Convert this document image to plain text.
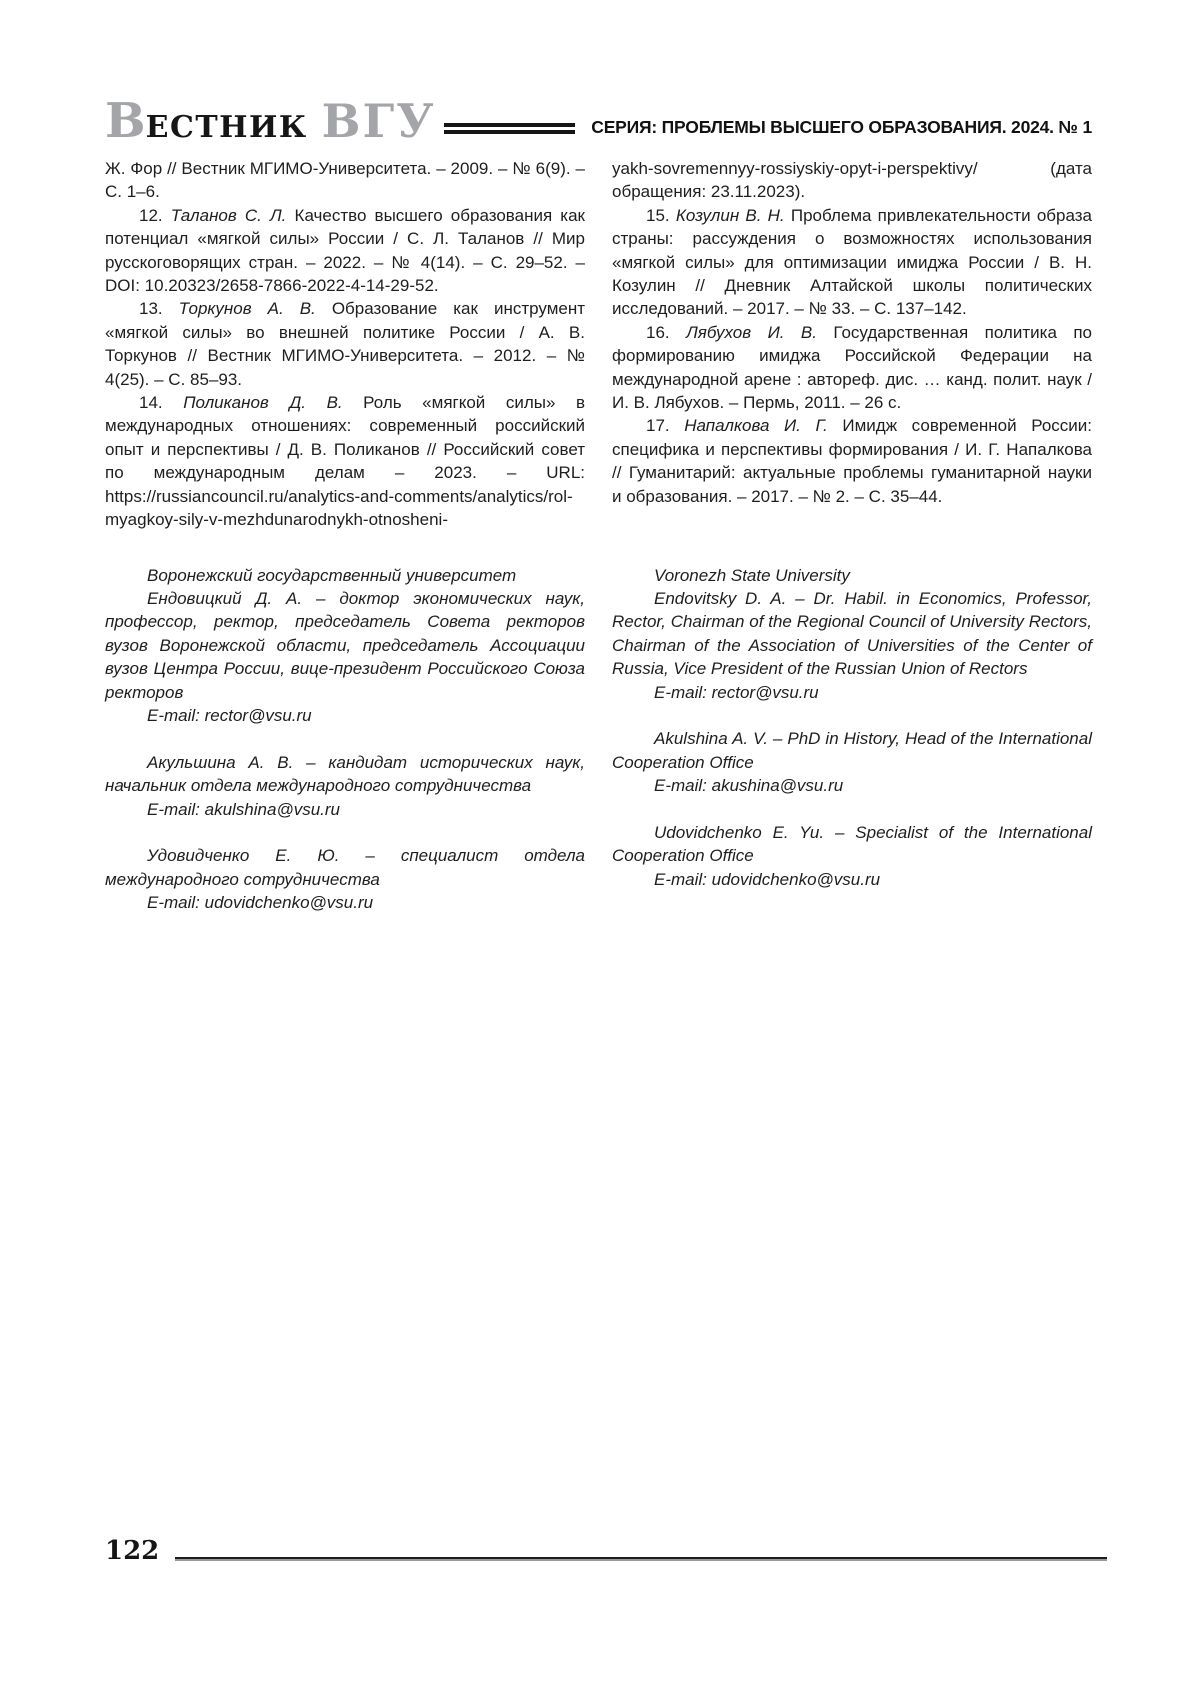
ВЕСТНИК ВГУ	СЕРИЯ: ПРОБЛЕМЫ ВЫСШЕГО ОБРАЗОВАНИЯ. 2024. № 1

Ж. Фор // Вестник МГИМО-Университета. – 2009. – № 6(9). – С. 1–6.

12. Таланов С. Л. Качество высшего образования как потенциал «мягкой силы» России / С. Л. Таланов // Мир русскоговорящих стран. – 2022. – № 4(14). – С. 29–52. – DOI: 10.20323/2658-7866-2022-4-14-29-52.

13. Торкунов А. В. Образование как инструмент «мягкой силы» во внешней политике России / А. В. Торкунов // Вестник МГИМО-Университета. – 2012. – № 4(25). – С. 85–93.

14. Поликанов Д. В. Роль «мягкой силы» в международных отношениях: современный российский опыт и перспективы / Д. В. Поликанов // Российский совет по международным делам – 2023. – URL: https://russiancouncil.ru/analytics-and-comments/analytics/rol-myagkoy-sily-v-mezhdunarodnykh-otnosheni-

yakh-sovremennyy-rossiyskiy-opyt-i-perspektivy/ (дата обращения: 23.11.2023).

15. Козулин В. Н. Проблема привлекательности образа страны: рассуждения о возможностях использования «мягкой силы» для оптимизации имиджа России / В. Н. Козулин // Дневник Алтайской школы политических исследований. – 2017. – № 33. – С. 137–142.

16. Лябухов И. В. Государственная политика по формированию имиджа Российской Федерации на международной арене : автореф. дис. … канд. полит. наук / И. В. Лябухов. – Пермь, 2011. – 26 с.

17. Напалкова И. Г. Имидж современной России: специфика и перспективы формирования / И. Г. Напалкова // Гуманитарий: актуальные проблемы гуманитарной науки и образования. – 2017. – № 2. – С. 35–44.

Воронежский государственный университет

Ендовицкий Д. А. – доктор экономических наук, профессор, ректор, председатель Совета ректоров вузов Воронежской области, председатель Ассоциации вузов Центра России, вице-президент Российского Союза ректоров

E-mail: rector@vsu.ru

Акульшина А. В. – кандидат исторических наук, начальник отдела международного сотрудничества

E-mail: akulshina@vsu.ru

Удовидченко Е. Ю. – специалист отдела международного сотрудничества

E-mail: udovidchenko@vsu.ru

Voronezh State University

Endovitsky D. A. – Dr. Habil. in Economics, Professor, Rector, Chairman of the Regional Council of University Rectors, Chairman of the Association of Universities of the Center of Russia, Vice President of the Russian Union of Rectors

E-mail: rector@vsu.ru

Akulshina A. V. – PhD in History, Head of the International Cooperation Office

E-mail: akushina@vsu.ru

Udovidchenko E. Yu. – Specialist of the International Cooperation Office

E-mail: udovidchenko@vsu.ru

122
